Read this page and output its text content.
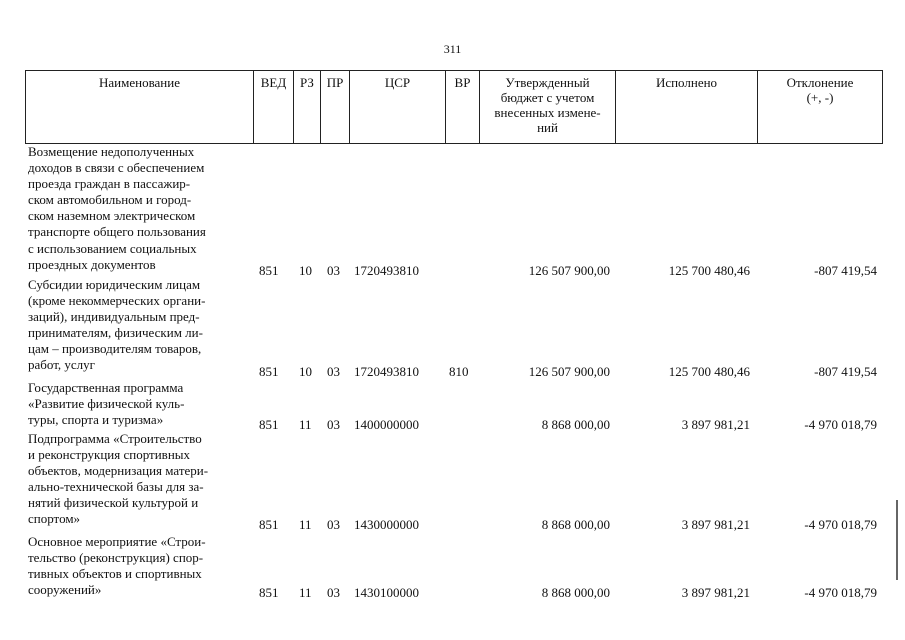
311
Наименование	ВЕД	РЗ ПР	ЦСР	ВР	Утвержденный
бюджет с учетом
внесенных измене-
ний
Исполнено	Отклонение
(+, -)
Возмещение недополученных
доходов в связи с обеспечением
проезда граждан в пассажир-
ском автомобильном и город-
ском наземном электрическом
транспорте общего пользования
с использованием социальных
проездных документов	851 10 03 1720493810	126 507 900,00	125 700 480,46	-807 419,54
Субсидии юридическим лицам
(кроме некоммерческих органи-
заций), индивидуальным пред-
принимателям, физическим ли-
цам – производителям товаров,
работ, услуг	851 10 03 1720493810 810	126 507 900,00	125 700 480,46	-807 419,54
Государственная программа
«Развитие физической куль-
туры, спорта и туризма»	851 11 03 1400000000	8 868 000,00	3 897 981,21	-4 970 018,79
Подпрограмма «Строительство
и реконструкция спортивных
объектов, модернизация матери-
ально-технической базы для за-
нятий физической культурой и
спортом»	851 11 03 1430000000	8 868 000,00	3 897 981,21	-4 970 018,79
Основное мероприятие «Строи-
тельство (реконструкция) спор-
тивных объектов и спортивных
сооружений»	851 11 03 1430100000	8 868 000,00	3 897 981,21	-4 970 018,79
